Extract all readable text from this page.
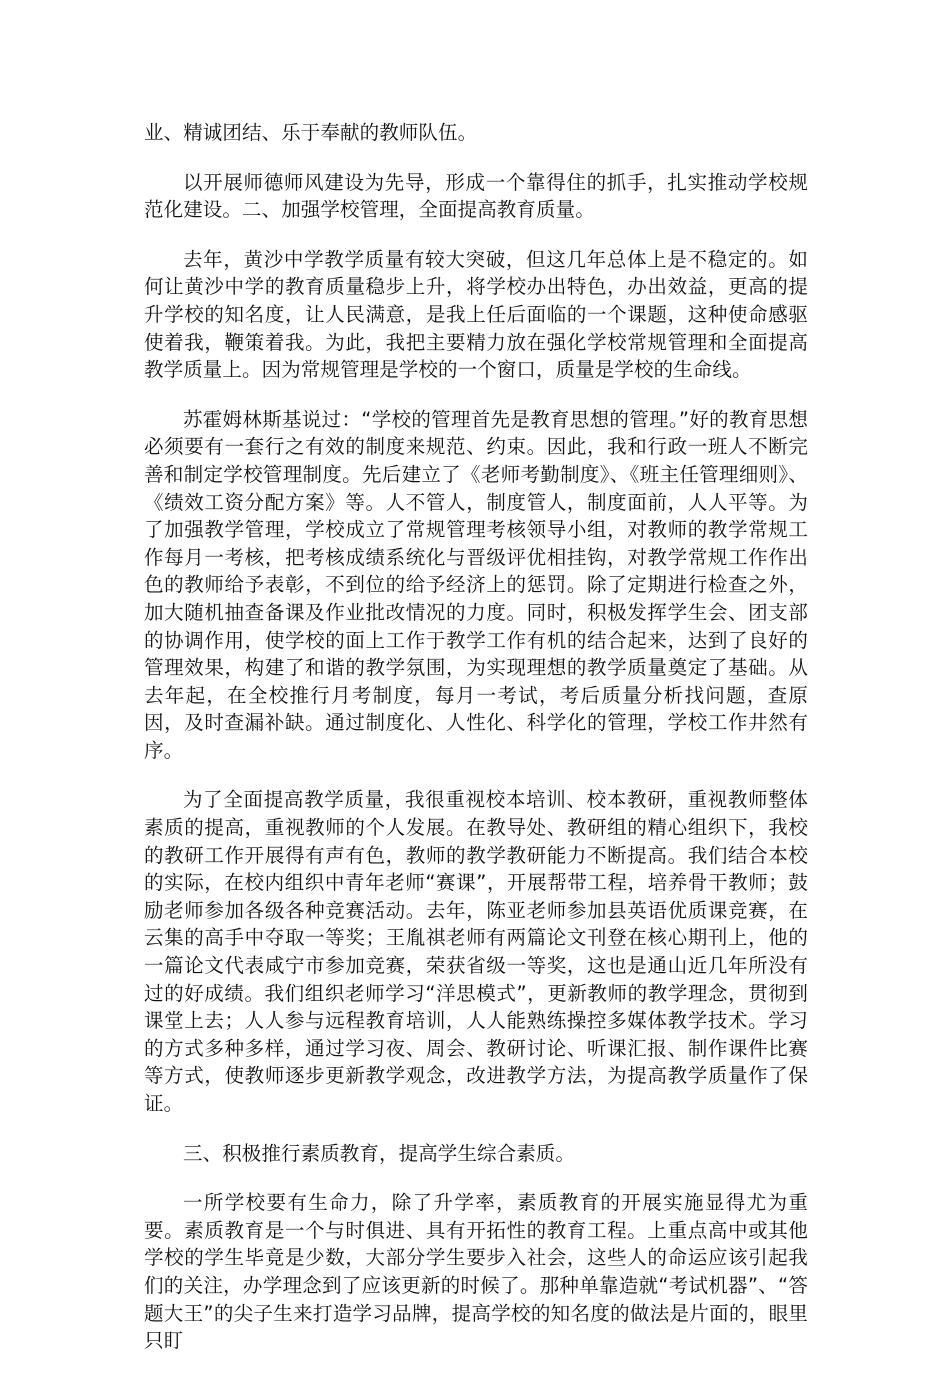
业、精诚团结、乐于奉献的教师队伍。

以开展师德师风建设为先导，形成一个靠得住的抓手，扎实推动学校规范化建设。二、加强学校管理，全面提高教育质量。

去年，黄沙中学教学质量有较大突破，但这几年总体上是不稳定的。如何让黄沙中学的教育质量稳步上升，将学校办出特色，办出效益，更高的提升学校的知名度，让人民满意，是我上任后面临的一个课题，这种使命感驱使着我，鞭策着我。为此，我把主要精力放在强化学校常规管理和全面提高教学质量上。因为常规管理是学校的一个窗口，质量是学校的生命线。

苏霍姆林斯基说过：“学校的管理首先是教育思想的管理。”好的教育思想必须要有一套行之有效的制度来规范、约束。因此，我和行政一班人不断完善和制定学校管理制度。先后建立了《老师考勤制度》、《班主任管理细则》、《绩效工资分配方案》等。人不管人，制度管人，制度面前，人人平等。为了加强教学管理，学校成立了常规管理考核领导小组，对教师的教学常规工作每月一考核，把考核成绩系统化与晋级评优相挂钩，对教学常规工作作出色的教师给予表彰，不到位的给予经济上的惩罚。除了定期进行检查之外，加大随机抽查备课及作业批改情况的力度。同时，积极发挥学生会、团支部的协调作用，使学校的面上工作于教学工作有机的结合起来，达到了良好的管理效果，构建了和谐的教学氛围，为实现理想的教学质量奠定了基础。从去年起，在全校推行月考制度，每月一考试，考后质量分析找问题，查原因，及时查漏补缺。通过制度化、人性化、科学化的管理，学校工作井然有序。

为了全面提高教学质量，我很重视校本培训、校本教研，重视教师整体素质的提高，重视教师的个人发展。在教导处、教研组的精心组织下，我校的教研工作开展得有声有色，教师的教学教研能力不断提高。我们结合本校的实际，在校内组织中青年老师“赛课”，开展帮带工程，培养骨干教师；鼓励老师参加各级各种竞赛活动。去年，陈亚老师参加县英语优质课竞赛，在云集的高手中夺取一等奖；王胤祺老师有两篇论文刊登在核心期刊上，他的一篇论文代表咸宁市参加竞赛，荣获省级一等奖，这也是通山近几年所没有过的好成绩。我们组织老师学习“洋思模式”，更新教师的教学理念，贯彻到课堂上去；人人参与远程教育培训，人人能熟练操控多媒体教学技术。学习的方式多种多样，通过学习夜、周会、教研讨论、听课汇报、制作课件比赛等方式，使教师逐步更新教学观念，改进教学方法，为提高教学质量作了保证。

三、积极推行素质教育，提高学生综合素质。

一所学校要有生命力，除了升学率，素质教育的开展实施显得尤为重要。素质教育是一个与时俱进、具有开拓性的教育工程。上重点高中或其他学校的学生毕竟是少数，大部分学生要步入社会，这些人的命运应该引起我们的关注，办学理念到了应该更新的时候了。那种单靠造就“考试机器”、“答题大王”的尖子生来打造学习品牌，提高学校的知名度的做法是片面的，眼里只盯
